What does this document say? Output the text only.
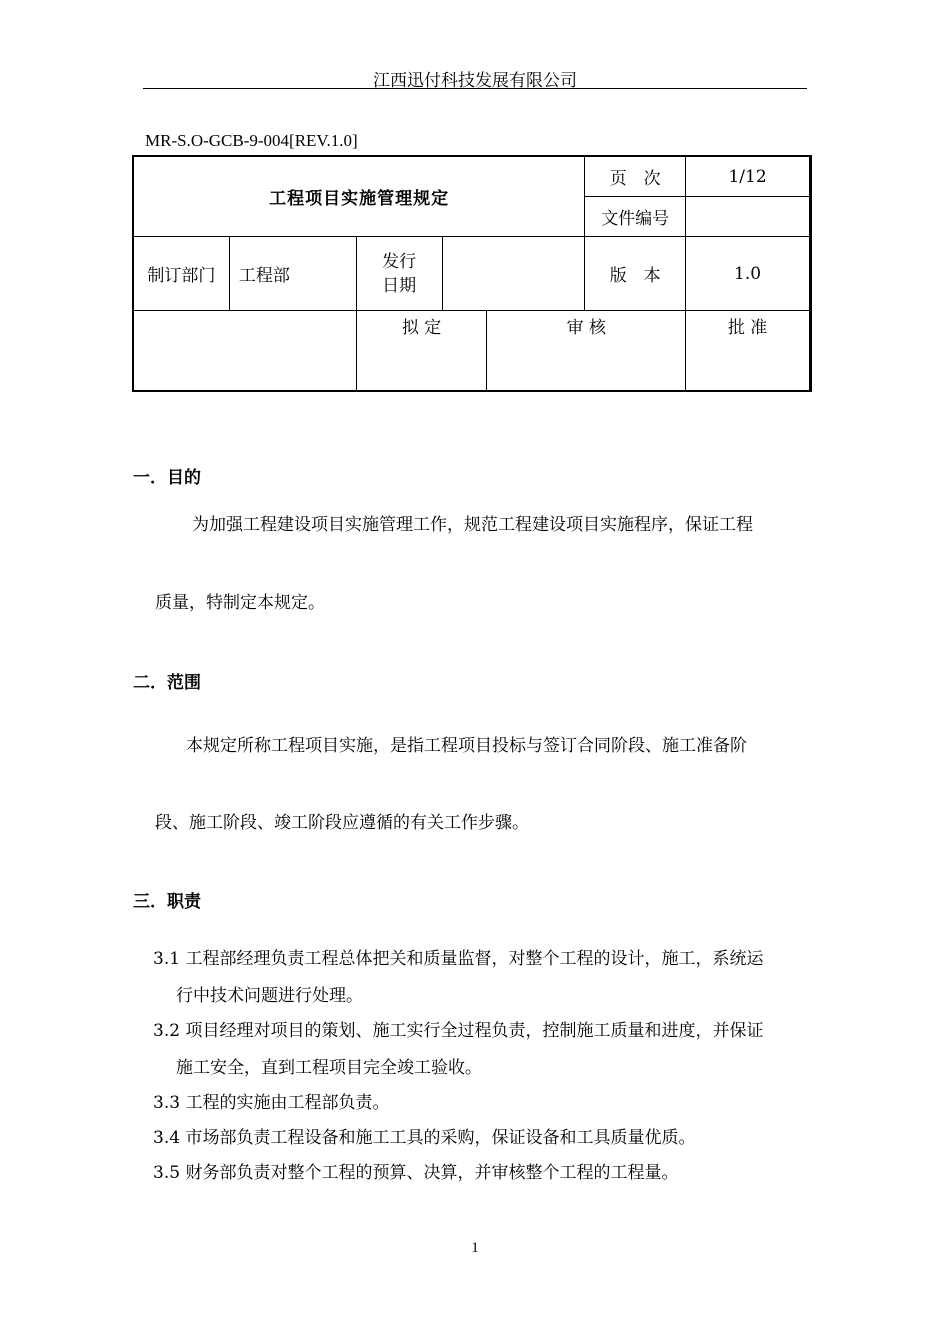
江西迅付科技发展有限公司
MR-S.O-GCB-9-004[REV.1.0]
工程项目实施管理规定					页　次	1/12
					文件编号	
制订部门	工程部	发行日期			版　本	1.0
		拟 定		审 核		批 准
一．目的
为加强工程建设项目实施管理工作，规范工程建设项目实施程序，保证工程
质量，特制定本规定。
二．范围
本规定所称工程项目实施，是指工程项目投标与签订合同阶段、施工准备阶
段、施工阶段、竣工阶段应遵循的有关工作步骤。
三．职责
3.1 工程部经理负责工程总体把关和质量监督，对整个工程的设计，施工，系统运
行中技术问题进行处理。
3.2 项目经理对项目的策划、施工实行全过程负责，控制施工质量和进度，并保证
施工安全，直到工程项目完全竣工验收。
3.3 工程的实施由工程部负责。
3.4 市场部负责工程设备和施工工具的采购，保证设备和工具质量优质。
3.5 财务部负责对整个工程的预算、决算，并审核整个工程的工程量。
1
